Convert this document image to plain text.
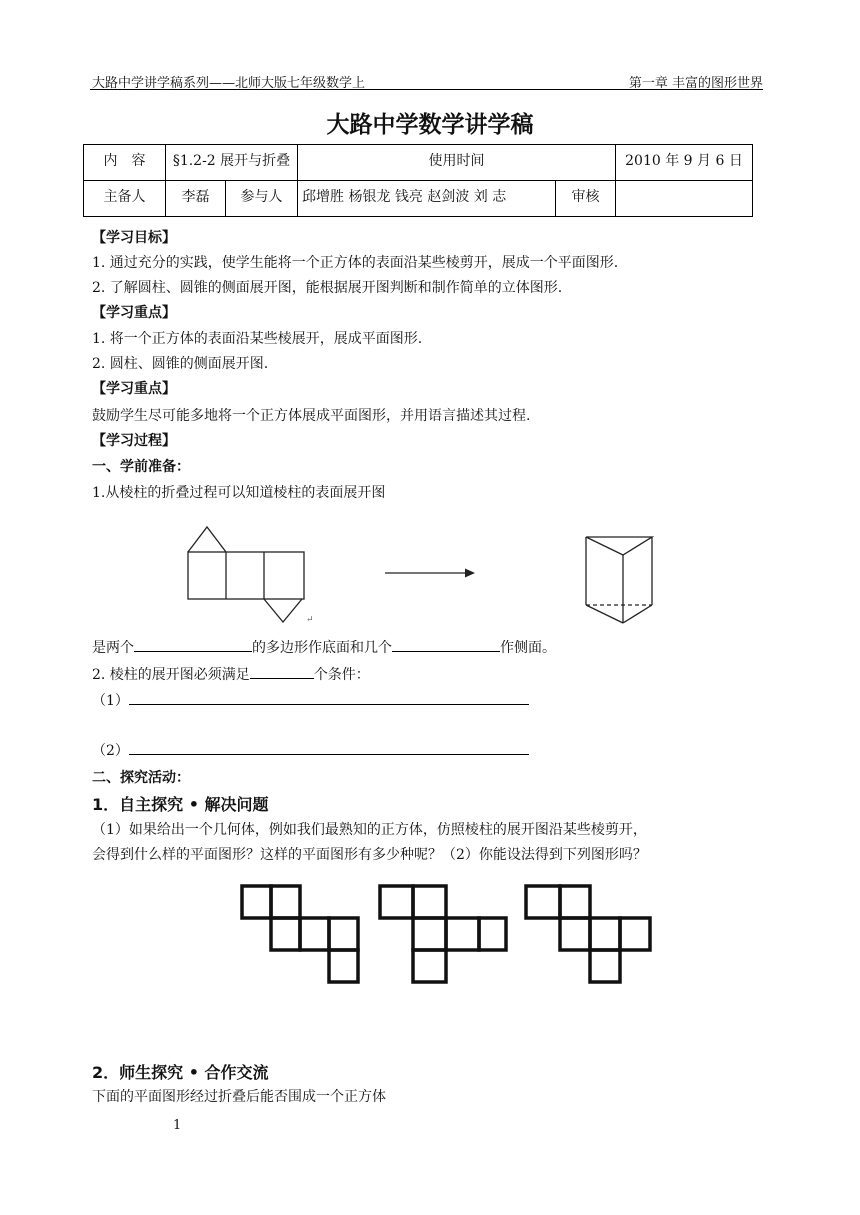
大路中学讲学稿系列——北师大版七年级数学上	第一章 丰富的图形世界
大路中学数学讲学稿
内　容	§1.2-2 展开与折叠		使用时间		2010 年 9 月 6 日
主备人	李磊	参与人	邱增胜 杨银龙 钱亮 赵剑波 刘 志	审核	
【学习目标】
1. 通过充分的实践，使学生能将一个正方体的表面沿某些棱剪开，展成一个平面图形.
2. 了解圆柱、圆锥的侧面展开图，能根据展开图判断和制作简单的立体图形.
【学习重点】
1. 将一个正方体的表面沿某些棱展开，展成平面图形.
2. 圆柱、圆锥的侧面展开图.
【学习重点】
鼓励学生尽可能多地将一个正方体展成平面图形，并用语言描述其过程.
【学习过程】
一、学前准备：
1.从棱柱的折叠过程可以知道棱柱的表面展开图
↵
是两个	的多边形作底面和几个	作侧面。
2. 棱柱的展开图必须满足	个条件：
（1）
（2）
二、探究活动：
1．自主探究 • 解决问题
（1）如果给出一个几何体，例如我们最熟知的正方体，仿照棱柱的展开图沿某些棱剪开，
会得到什么样的平面图形？这样的平面图形有多少种呢？（2）你能设法得到下列图形吗？
2．师生探究 • 合作交流
下面的平面图形经过折叠后能否围成一个正方体
1
